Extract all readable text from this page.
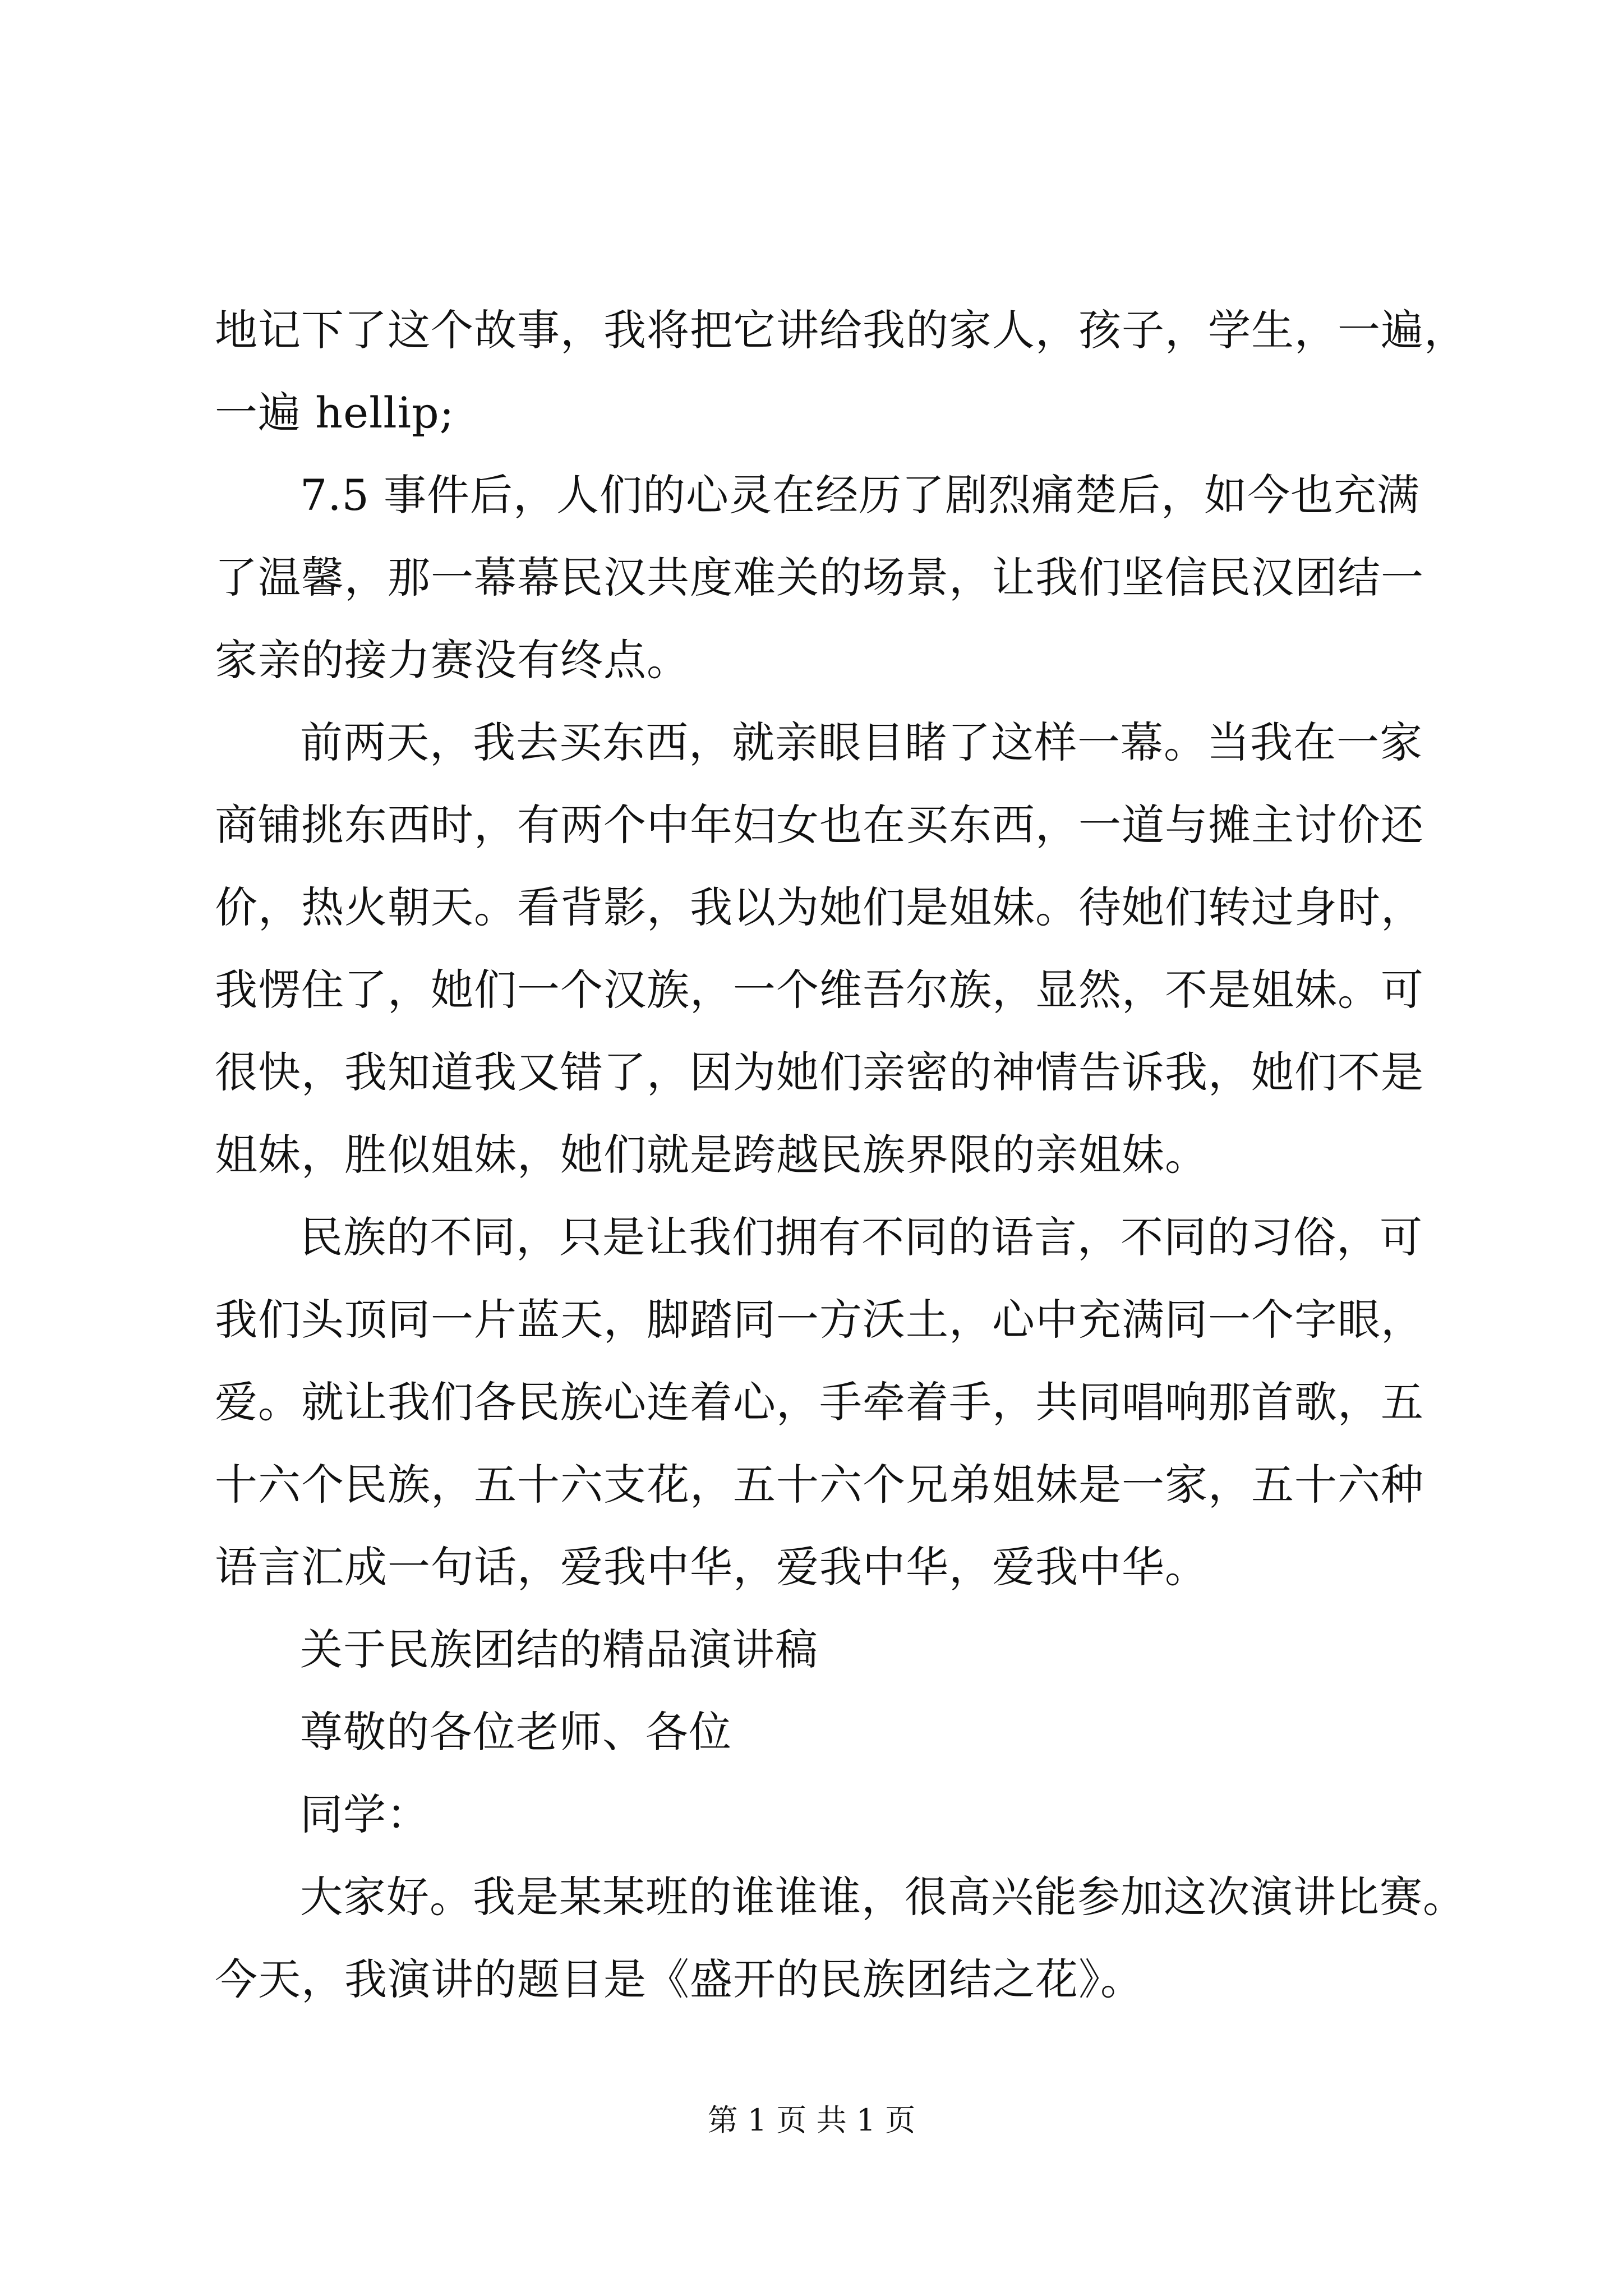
地记下了这个故事，我将把它讲给我的家人，孩子，学生，一遍，
一遍 hellip;
7.5 事件后，人们的心灵在经历了剧烈痛楚后，如今也充满
了温馨，那一幕幕民汉共度难关的场景，让我们坚信民汉团结一
家亲的接力赛没有终点。
前两天，我去买东西，就亲眼目睹了这样一幕。当我在一家
商铺挑东西时，有两个中年妇女也在买东西，一道与摊主讨价还
价，热火朝天。看背影，我以为她们是姐妹。待她们转过身时，
我愣住了，她们一个汉族，一个维吾尔族，显然，不是姐妹。可
很快，我知道我又错了，因为她们亲密的神情告诉我，她们不是
姐妹，胜似姐妹，她们就是跨越民族界限的亲姐妹。
民族的不同，只是让我们拥有不同的语言，不同的习俗，可
我们头顶同一片蓝天，脚踏同一方沃土，心中充满同一个字眼，
爱。就让我们各民族心连着心，手牵着手，共同唱响那首歌，五
十六个民族，五十六支花，五十六个兄弟姐妹是一家，五十六种
语言汇成一句话，爱我中华，爱我中华，爱我中华。
关于民族团结的精品演讲稿
尊敬的各位老师、各位
同学：
大家好。我是某某班的谁谁谁，很高兴能参加这次演讲比赛。
今天，我演讲的题目是《盛开的民族团结之花》。
第 1 页 共 1 页
